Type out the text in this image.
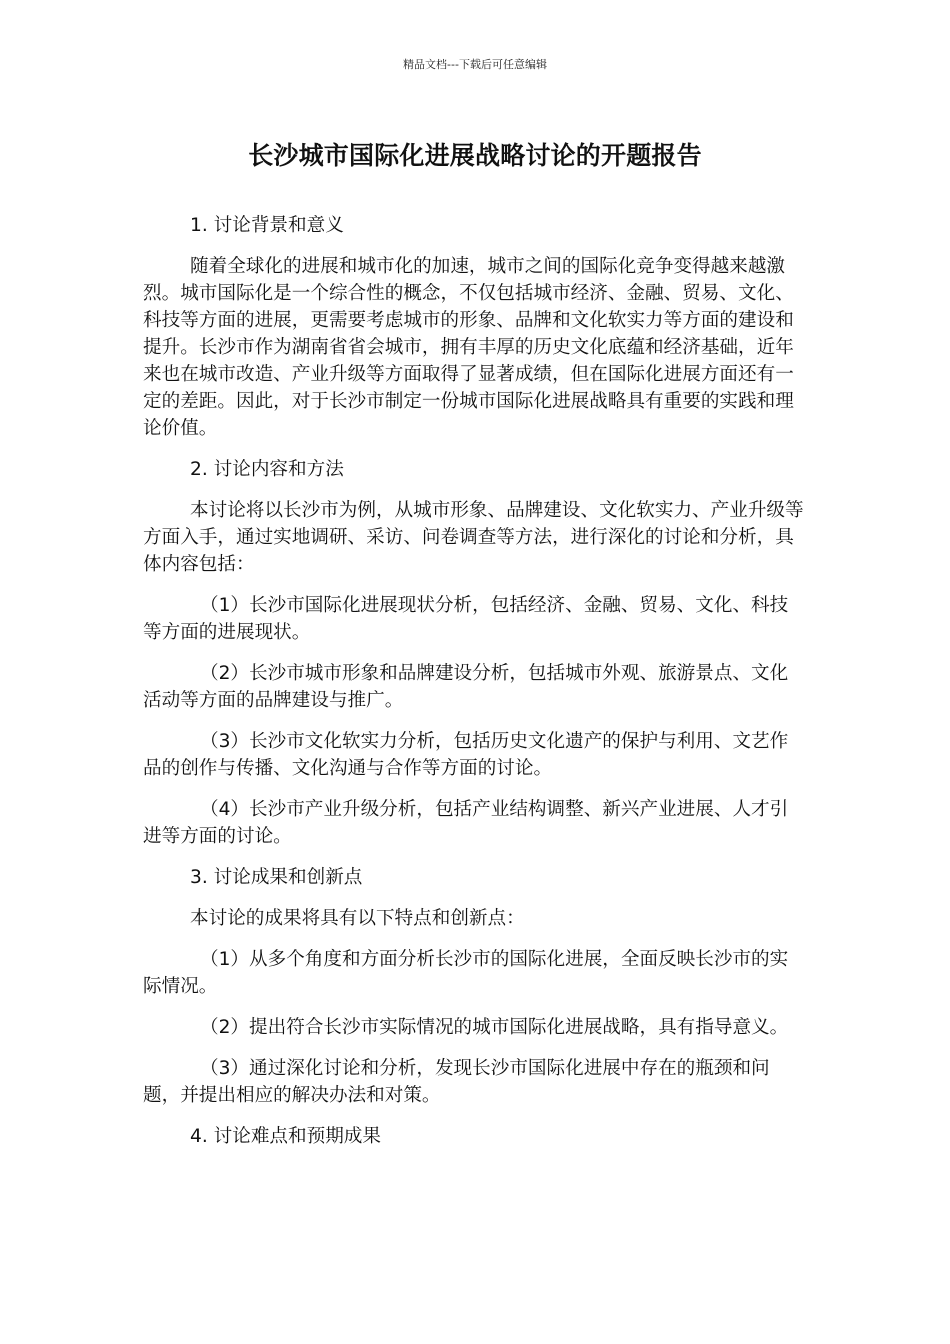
精品文档---下载后可任意编辑
长沙城市国际化进展战略讨论的开题报告

1. 讨论背景和意义

随着全球化的进展和城市化的加速，城市之间的国际化竞争变得越来越激烈。城市国际化是一个综合性的概念，不仅包括城市经济、金融、贸易、文化、科技等方面的进展，更需要考虑城市的形象、品牌和文化软实力等方面的建设和提升。长沙市作为湖南省省会城市，拥有丰厚的历史文化底蕴和经济基础，近年来也在城市改造、产业升级等方面取得了显著成绩，但在国际化进展方面还有一定的差距。因此，对于长沙市制定一份城市国际化进展战略具有重要的实践和理论价值。

2. 讨论内容和方法

本讨论将以长沙市为例，从城市形象、品牌建设、文化软实力、产业升级等方面入手，通过实地调研、采访、问卷调查等方法，进行深化的讨论和分析，具体内容包括：

（1）长沙市国际化进展现状分析，包括经济、金融、贸易、文化、科技等方面的进展现状。

（2）长沙市城市形象和品牌建设分析，包括城市外观、旅游景点、文化活动等方面的品牌建设与推广。

（3）长沙市文化软实力分析，包括历史文化遗产的保护与利用、文艺作品的创作与传播、文化沟通与合作等方面的讨论。

（4）长沙市产业升级分析，包括产业结构调整、新兴产业进展、人才引进等方面的讨论。

3. 讨论成果和创新点

本讨论的成果将具有以下特点和创新点：

（1）从多个角度和方面分析长沙市的国际化进展，全面反映长沙市的实际情况。

（2）提出符合长沙市实际情况的城市国际化进展战略，具有指导意义。

（3）通过深化讨论和分析，发现长沙市国际化进展中存在的瓶颈和问题，并提出相应的解决办法和对策。

4. 讨论难点和预期成果
